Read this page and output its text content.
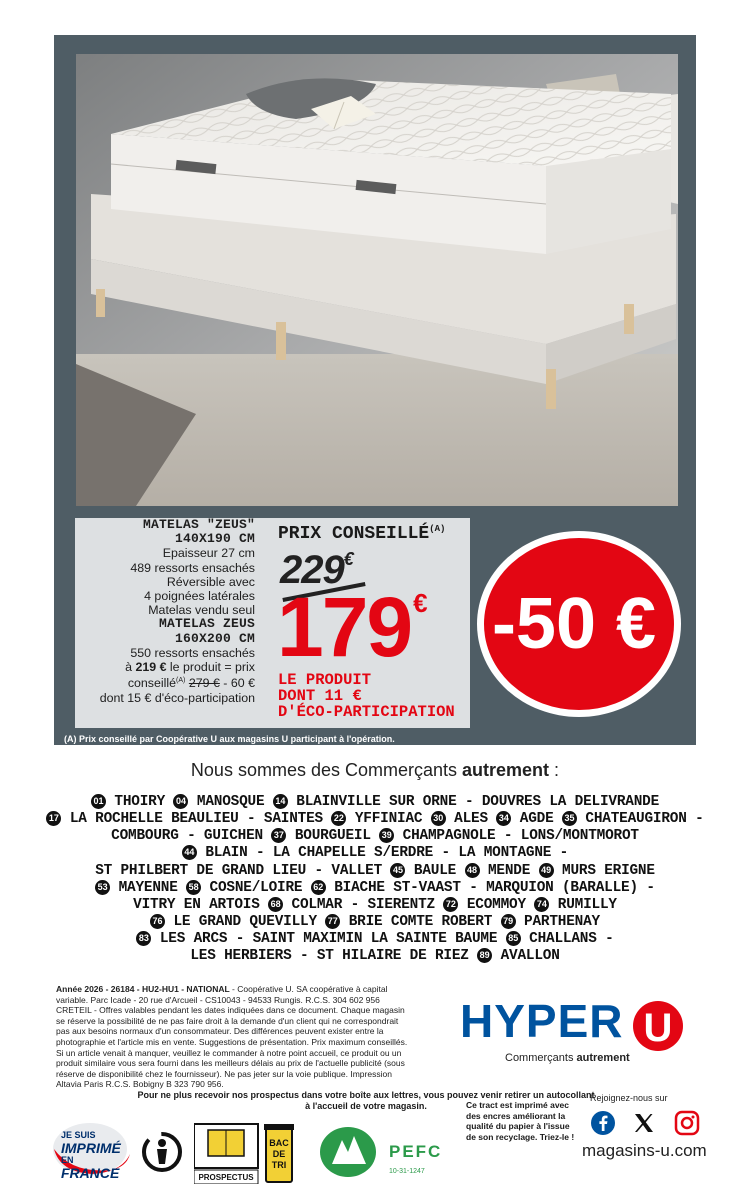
MATELAS "ZEUS"
140X190 CM
Epaisseur 27 cm
489 ressorts ensachés
Réversible avec
4 poignées latérales
Matelas vendu seul
MATELAS ZEUS
160X200 CM
550 ressorts ensachés
à 219 € le produit = prix
conseillé$^{(A)}$ 279 € - 60 €
dont 15 € d'éco-participation
PRIX $CONSEILLÉ^{(A)}$
229€
179€
LE PRODUIT
DONT 11 €
D'ÉCO-PARTICIPATION
-50 €
(A) Prix conseillé par Coopérative U aux magasins U participant à l'opération.
Nous sommes des Commerçants autrement :
01 THOIRY 04 MANOSQUE 14 BLAINVILLE SUR ORNE - DOUVRES LA DELIVRANDE
17 LA ROCHELLE BEAULIEU - SAINTES 22 YFFINIAC 30 ALES 34 AGDE 35 CHATEAUGIRON -
COMBOURG - GUICHEN 37 BOURGUEIL 39 CHAMPAGNOLE - LONS/MONTMOROT
44 BLAIN - LA CHAPELLE S/ERDRE - LA MONTAGNE -
ST PHILBERT DE GRAND LIEU - VALLET 45 BAULE 48 MENDE 49 MURS ERIGNE
53 MAYENNE 58 COSNE/LOIRE 62 BIACHE ST-VAAST - MARQUION (BARALLE) -
VITRY EN ARTOIS 68 COLMAR - SIERENTZ 72 ECOMMOY 74 RUMILLY
76 LE GRAND QUEVILLY 77 BRIE COMTE ROBERT 79 PARTHENAY
83 LES ARCS - SAINT MAXIMIN LA SAINTE BAUME 85 CHALLANS -
LES HERBIERS - ST HILAIRE DE RIEZ 89 AVALLON
Année 2026 - 26184 - HU2-HU1 - NATIONAL - Coopérative U. SA coopérative à capital variable. Parc Icade - 20 rue d'Arcueil - CS10043 - 94533 Rungis. R.C.S. 304 602 956 CRETEIL - Offres valables pendant les dates indiquées dans ce document. Chaque magasin se réserve la possibilité de ne pas faire droit à la demande d'un client qui ne correspondrait pas aux besoins normaux d'un consommateur. Des différences peuvent exister entre la photographie et l'article mis en vente. Suggestions de présentation. Prix maximum conseillés. Si un article venait à manquer, veuillez le commander à notre point accueil, ce produit ou un produit similaire vous sera fourni dans les meilleurs délais au prix de l'actuelle publicité (sous réserve de disponibilité chez le fournisseur). Ne pas jeter sur la voie publique. Impression Altavia Paris R.C.S. Bobigny B 323 790 956.
HYPER U
Commerçants autrement
Pour ne plus recevoir nos prospectus dans votre boîte aux lettres, vous pouvez venir retirer un autocollant
à l'accueil de votre magasin.
JE SUIS
IMPRIMÉ
EN
FRANCE	PROSPECTUS
BAC
DE
TRI
PEFC
10-31-1247
Ce tract est imprimé avec des encres améliorant la qualité du papier à l'issue de son recyclage. Triez-le !
Rejoignez-nous sur
magasins-u.com
